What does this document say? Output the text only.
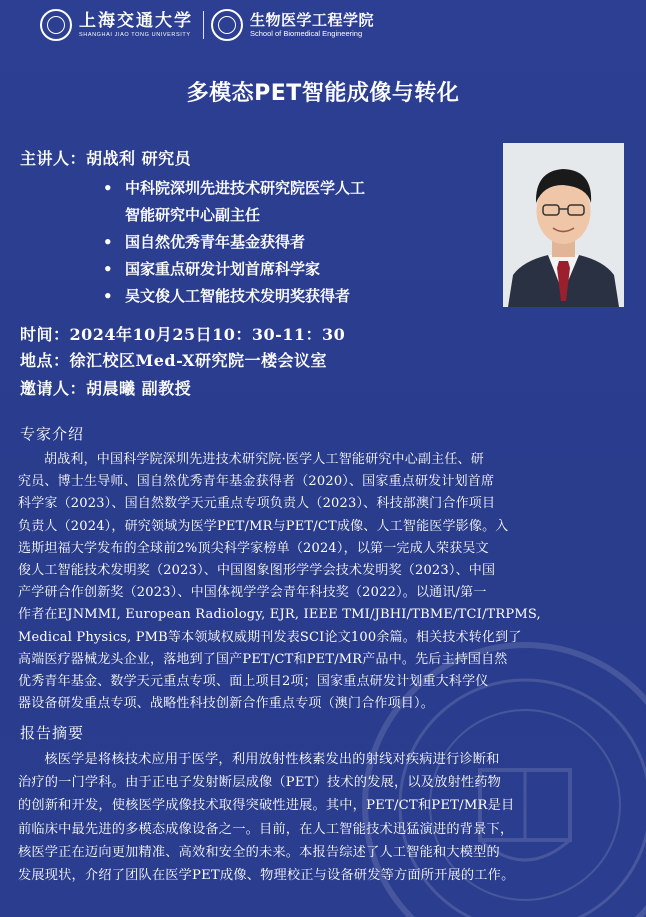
上海交通大学
SHANGHAI JIAO TONG UNIVERSITY
生物医学工程学院
School of Biomedical Engineering
多模态PET智能成像与转化
主讲人：胡战利 研究员
• 中科院深圳先进技术研究院医学人工
智能研究中心副主任
• 国自然优秀青年基金获得者
• 国家重点研发计划首席科学家
• 吴文俊人工智能技术发明奖获得者
时间：2024年10月25日10：30-11：30
地点：徐汇校区Med-X研究院一楼会议室
邀请人：胡晨曦 副教授
专家介绍
胡战利，中国科学院深圳先进技术研究院·医学人工智能研究中心副主任、研
究员、博士生导师、国自然优秀青年基金获得者（2020）、国家重点研发计划首席
科学家（2023）、国自然数学天元重点专项负责人（2023）、科技部澳门合作项目
负责人（2024），研究领域为医学PET/MR与PET/CT成像、人工智能医学影像。入
选斯坦福大学发布的全球前2%顶尖科学家榜单（2024），以第一完成人荣获吴文
俊人工智能技术发明奖（2023）、中国图象图形学学会技术发明奖（2023）、中国
产学研合作创新奖（2023）、中国体视学学会青年科技奖（2022）。以通讯/第一
作者在EJNMMI, European Radiology, EJR, IEEE TMI/JBHI/TBME/TCI/TRPMS,
Medical Physics, PMB等本领域权威期刊发表SCI论文100余篇。相关技术转化到了
高端医疗器械龙头企业，落地到了国产PET/CT和PET/MR产品中。先后主持国自然
优秀青年基金、数学天元重点专项、面上项目2项；国家重点研发计划重大科学仪
器设备研发重点专项、战略性科技创新合作重点专项（澳门合作项目）。
报告摘要
核医学是将核技术应用于医学，利用放射性核素发出的射线对疾病进行诊断和
治疗的一门学科。由于正电子发射断层成像（PET）技术的发展，以及放射性药物
的创新和开发，使核医学成像技术取得突破性进展。其中，PET/CT和PET/MR是目
前临床中最先进的多模态成像设备之一。目前，在人工智能技术迅猛演进的背景下，
核医学正在迈向更加精准、高效和安全的未来。本报告综述了人工智能和大模型的
发展现状，介绍了团队在医学PET成像、物理校正与设备研发等方面所开展的工作。
